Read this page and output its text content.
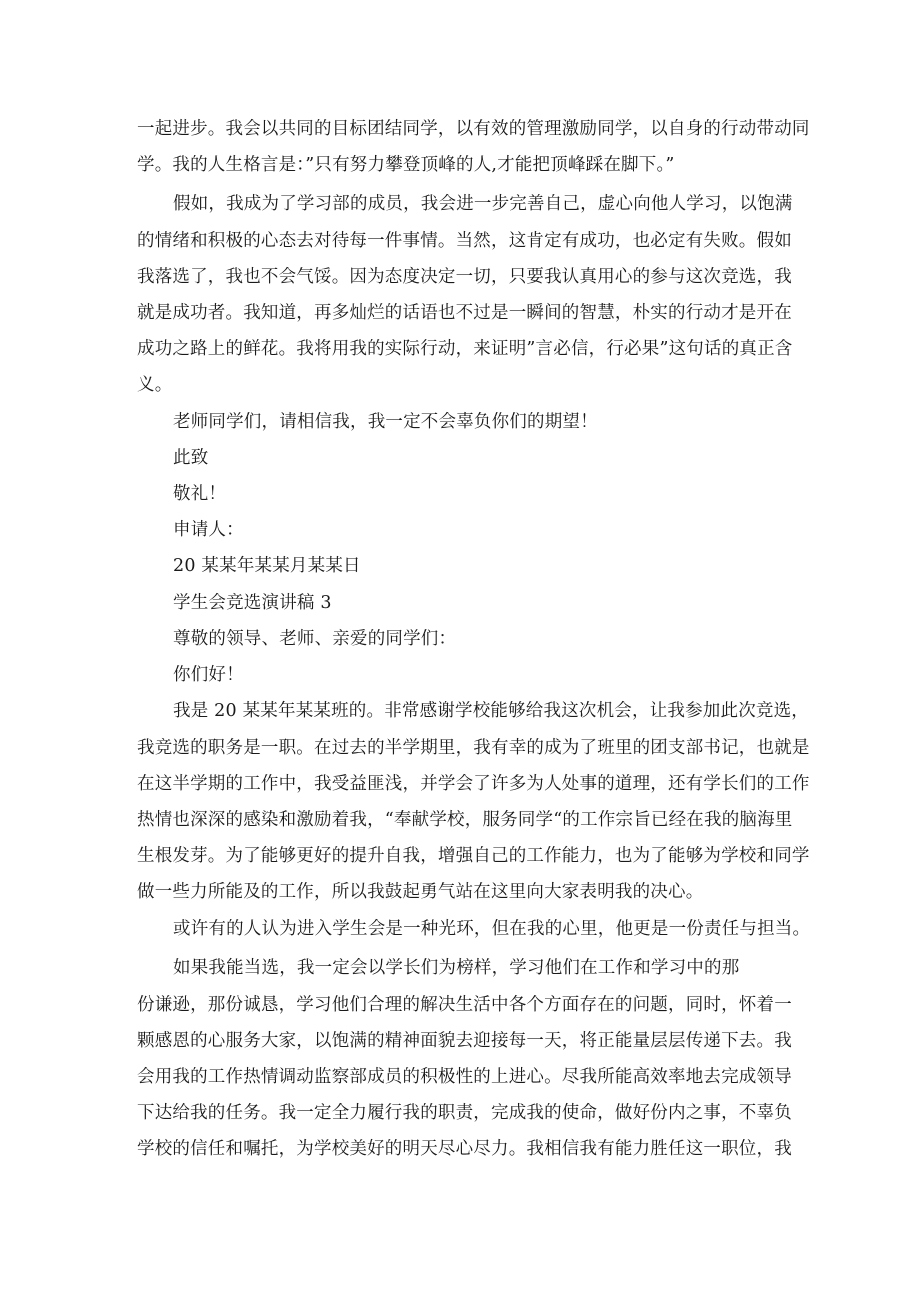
一起进步。我会以共同的目标团结同学，以有效的管理激励同学，以自身的行动带动同
学。我的人生格言是：”只有努力攀登顶峰的人,才能把顶峰踩在脚下。”
假如，我成为了学习部的成员，我会进一步完善自己，虚心向他人学习，以饱满
的情绪和积极的心态去对待每一件事情。当然，这肯定有成功，也必定有失败。假如
我落选了，我也不会气馁。因为态度决定一切，只要我认真用心的参与这次竞选，我
就是成功者。我知道，再多灿烂的话语也不过是一瞬间的智慧，朴实的行动才是开在
成功之路上的鲜花。我将用我的实际行动，来证明”言必信，行必果”这句话的真正含
义。
老师同学们，请相信我，我一定不会辜负你们的期望！
此致
敬礼！
申请人：
20 某某年某某月某某日
学生会竞选演讲稿 3
尊敬的领导、老师、亲爱的同学们：
你们好！
我是 20 某某年某某班的。非常感谢学校能够给我这次机会，让我参加此次竞选，
我竞选的职务是一职。在过去的半学期里，我有幸的成为了班里的团支部书记，也就是
在这半学期的工作中，我受益匪浅，并学会了许多为人处事的道理，还有学长们的工作
热情也深深的感染和激励着我，“奉献学校，服务同学“的工作宗旨已经在我的脑海里
生根发芽。为了能够更好的提升自我，增强自己的工作能力，也为了能够为学校和同学
做一些力所能及的工作，所以我鼓起勇气站在这里向大家表明我的决心。
或许有的人认为进入学生会是一种光环，但在我的心里，他更是一份责任与担当。
如果我能当选，我一定会以学长们为榜样，学习他们在工作和学习中的那
份谦逊，那份诚恳，学习他们合理的解决生活中各个方面存在的问题，同时，怀着一
颗感恩的心服务大家，以饱满的精神面貌去迎接每一天，将正能量层层传递下去。我
会用我的工作热情调动监察部成员的积极性的上进心。尽我所能高效率地去完成领导
下达给我的任务。我一定全力履行我的职责，完成我的使命，做好份内之事，不辜负
学校的信任和嘱托，为学校美好的明天尽心尽力。我相信我有能力胜任这一职位，我
